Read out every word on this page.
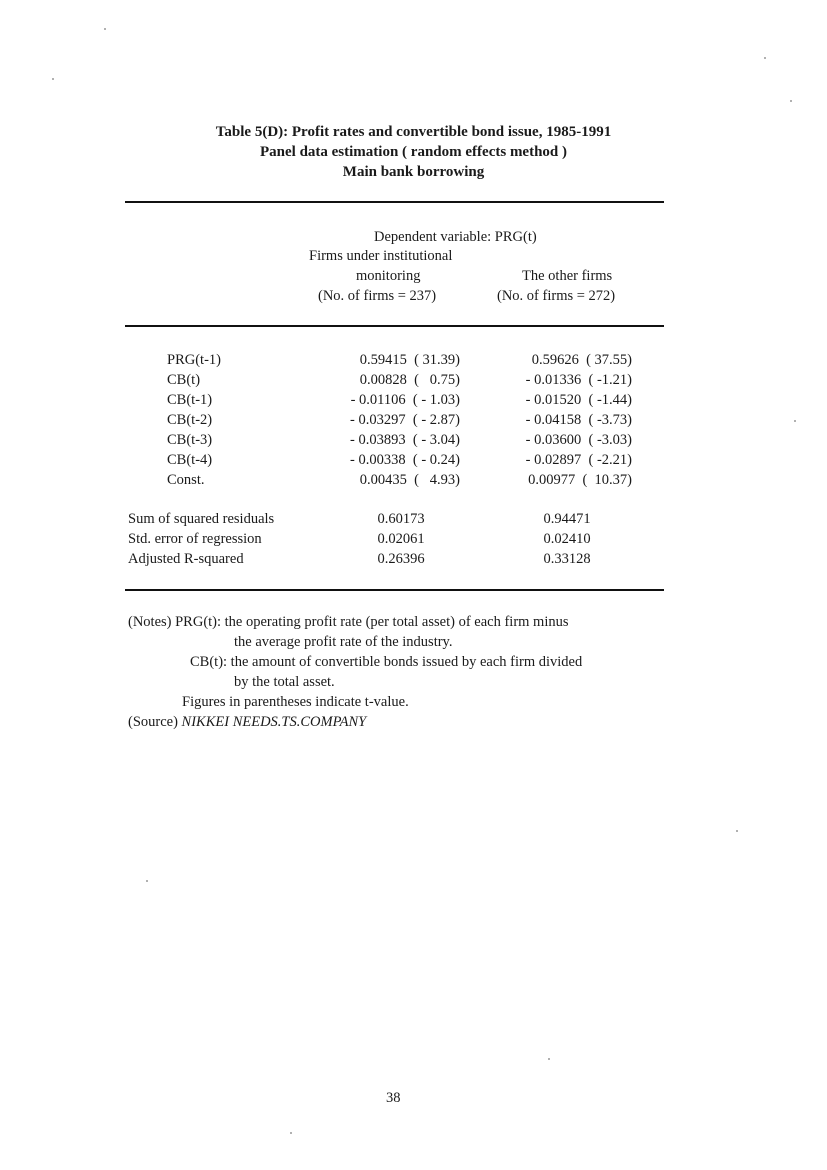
Table 5(D): Profit rates and convertible bond issue, 1985-1991
Panel data estimation ( random effects method )
Main bank borrowing
Dependent variable: PRG(t)
Firms under institutional
monitoring
(No. of firms = 237)
The other firms
(No. of firms = 272)
PRG(t-1)	0.59415  ( 31.39)	0.59626  ( 37.55)
CB(t)	0.00828  (   0.75)	- 0.01336  ( -1.21)
CB(t-1)	- 0.01106  ( - 1.03)	- 0.01520  ( -1.44)
CB(t-2)	- 0.03297  ( - 2.87)	- 0.04158  ( -3.73)
CB(t-3)	- 0.03893  ( - 3.04)	- 0.03600  ( -3.03)
CB(t-4)	- 0.00338  ( - 0.24)	- 0.02897  ( -2.21)
Const.	0.00435  (   4.93)	0.00977  (  10.37)
Sum of squared residuals	0.60173	0.94471
Std. error of regression	0.02061	0.02410
Adjusted R-squared	0.26396	0.33128
(Notes) PRG(t): the operating profit rate (per total asset) of each firm minus
the average profit rate of the industry.
CB(t): the amount of convertible bonds issued by each firm divided
by the total asset.
Figures in parentheses indicate t-value.
(Source) NIKKEI NEEDS.TS.COMPANY
38
